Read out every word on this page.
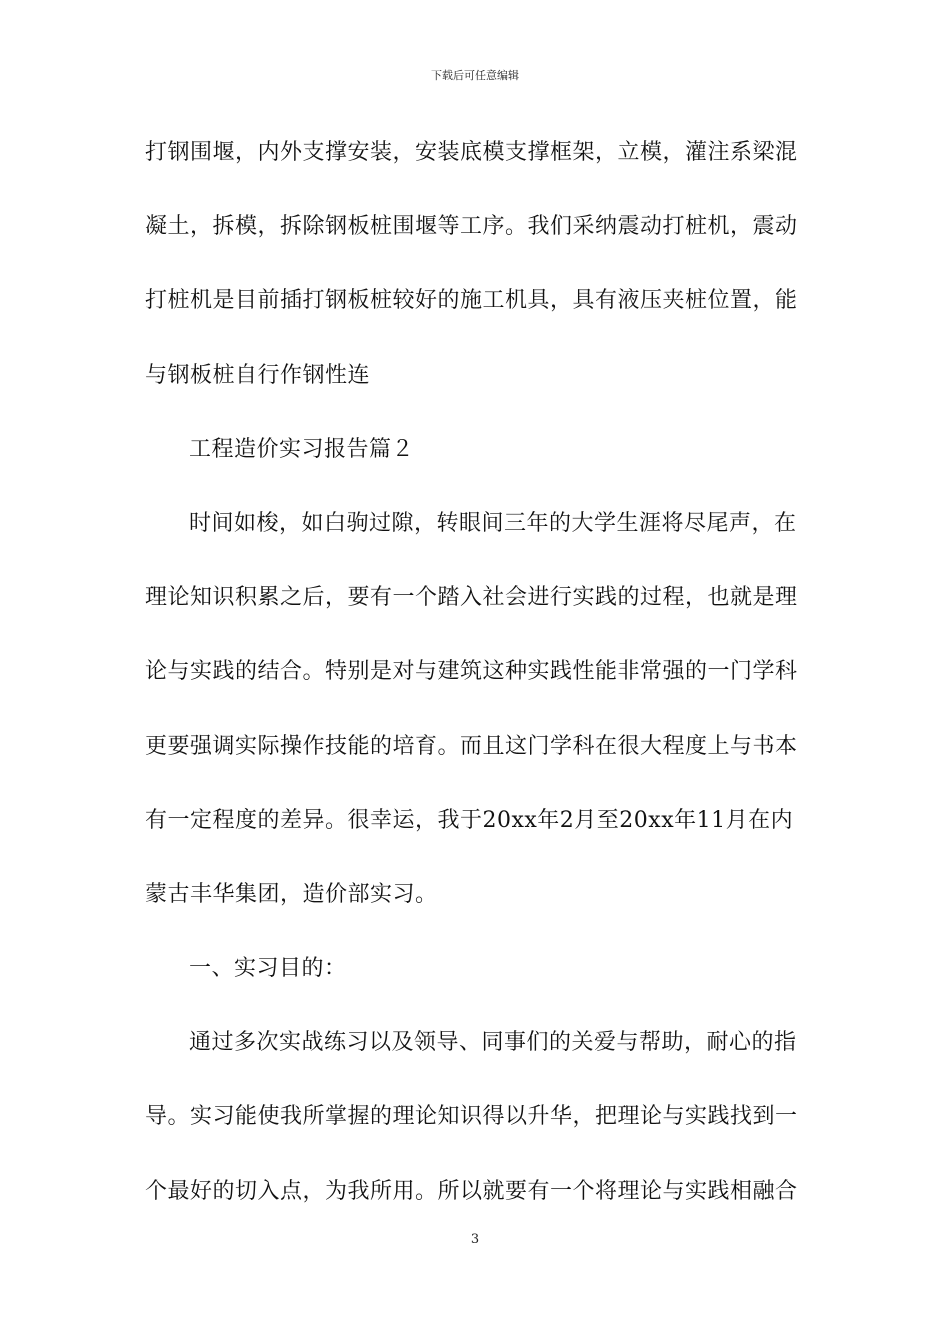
下载后可任意编辑
打钢围堰，内外支撑安装，安装底模支撑框架，立模，灌注系梁混
凝土，拆模，拆除钢板桩围堰等工序。我们采纳震动打桩机，震动
打桩机是目前插打钢板桩较好的施工机具，具有液压夹桩位置，能
与钢板桩自行作钢性连
工程造价实习报告篇２
时间如梭，如白驹过隙，转眼间三年的大学生涯将尽尾声，在
理论知识积累之后，要有一个踏入社会进行实践的过程，也就是理
论与实践的结合。特别是对与建筑这种实践性能非常强的一门学科
更要强调实际操作技能的培育。而且这门学科在很大程度上与书本
有一定程度的差异。很幸运，我于20xx年2月至20xx年11月在内
蒙古丰华集团，造价部实习。
一、实习目的：
通过多次实战练习以及领导、同事们的关爱与帮助，耐心的指
导。实习能使我所掌握的理论知识得以升华，把理论与实践找到一
个最好的切入点，为我所用。所以就要有一个将理论与实践相融合
3
